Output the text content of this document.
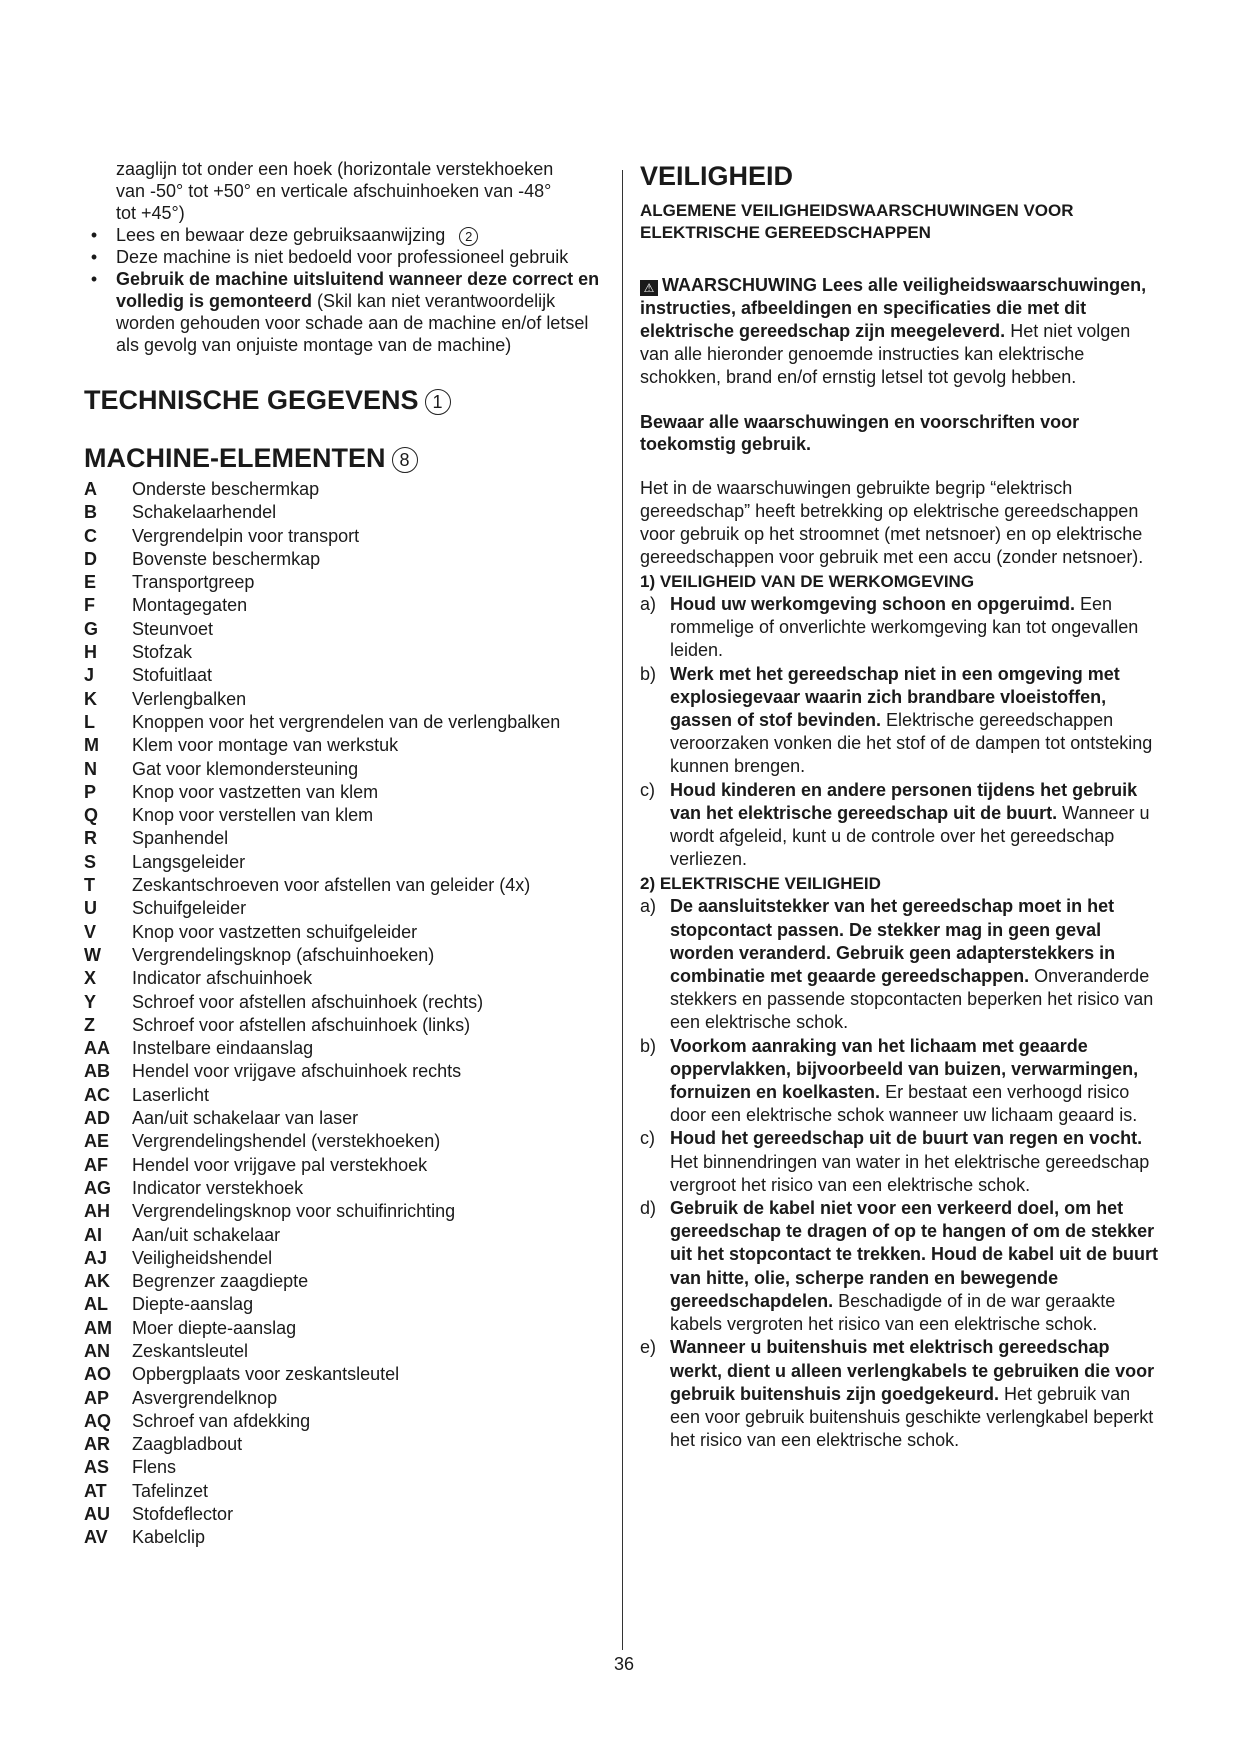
zaaglijn tot onder een hoek (horizontale verstekhoeken
van -50° tot +50° en verticale afschuinhoeken van -48°
tot +45°)

•	Lees en bewaar deze gebruiksaanwijzing 2

•	Deze machine is niet bedoeld voor professioneel gebruik

•	Gebruik de machine uitsluitend wanneer deze correct en volledig is gemonteerd (Skil kan niet verantwoordelijk worden gehouden voor schade aan de machine en/of letsel als gevolg van onjuiste montage van de machine)

TECHNISCHE GEGEVENS 1
MACHINE-ELEMENTEN 8
A	Onderste beschermkap
B	Schakelaarhendel
C	Vergrendelpin voor transport
D	Bovenste beschermkap
E	Transportgreep
F	Montagegaten
G	Steunvoet
H	Stofzak
J	Stofuitlaat
K	Verlengbalken
L	Knoppen voor het vergrendelen van de verlengbalken
M	Klem voor montage van werkstuk
N	Gat voor klemondersteuning
P	Knop voor vastzetten van klem
Q	Knop voor verstellen van klem
R	Spanhendel
S	Langsgeleider
T	Zeskantschroeven voor afstellen van geleider (4x)
U	Schuifgeleider
V	Knop voor vastzetten schuifgeleider
W	Vergrendelingsknop (afschuinhoeken)
X	Indicator afschuinhoek
Y	Schroef voor afstellen afschuinhoek (rechts)
Z	Schroef voor afstellen afschuinhoek (links)
AA	Instelbare eindaanslag
AB	Hendel voor vrijgave afschuinhoek rechts
AC	Laserlicht
AD	Aan/uit schakelaar van laser
AE	Vergrendelingshendel (verstekhoeken)
AF	Hendel voor vrijgave pal verstekhoek
AG	Indicator verstekhoek
AH	Vergrendelingsknop voor schuifinrichting
AI	Aan/uit schakelaar
AJ	Veiligheidshendel
AK	Begrenzer zaagdiepte
AL	Diepte-aanslag
AM	Moer diepte-aanslag
AN	Zeskantsleutel
AO	Opbergplaats voor zeskantsleutel
AP	Asvergrendelknop
AQ	Schroef van afdekking
AR	Zaagbladbout
AS	Flens
AT	Tafelinzet
AU	Stofdeflector
AV	Kabelclip
VEILIGHEID
ALGEMENE VEILIGHEIDSWAARSCHUWINGEN VOOR ELEKTRISCHE GEREEDSCHAPPEN
⚠ WAARSCHUWING Lees alle veiligheidswaarschuwingen, instructies, afbeeldingen en specificaties die met dit elektrische gereedschap zijn meegeleverd. Het niet volgen van alle hieronder genoemde instructies kan elektrische schokken, brand en/of ernstig letsel tot gevolg hebben.
Bewaar alle waarschuwingen en voorschriften voor toekomstig gebruik.
Het in de waarschuwingen gebruikte begrip “elektrisch gereedschap” heeft betrekking op elektrische gereedschappen voor gebruik op het stroomnet (met netsnoer) en op elektrische gereedschappen voor gebruik met een accu (zonder netsnoer).
1) VEILIGHEID VAN DE WERKOMGEVING
a) Houd uw werkomgeving schoon en opgeruimd. Een rommelige of onverlichte werkomgeving kan tot ongevallen leiden.
b) Werk met het gereedschap niet in een omgeving met explosiegevaar waarin zich brandbare vloeistoffen, gassen of stof bevinden. Elektrische gereedschappen veroorzaken vonken die het stof of de dampen tot ontsteking kunnen brengen.
c) Houd kinderen en andere personen tijdens het gebruik van het elektrische gereedschap uit de buurt. Wanneer u wordt afgeleid, kunt u de controle over het gereedschap verliezen.
2) ELEKTRISCHE VEILIGHEID
a) De aansluitstekker van het gereedschap moet in het stopcontact passen. De stekker mag in geen geval worden veranderd. Gebruik geen adapterstekkers in combinatie met geaarde gereedschappen. Onveranderde stekkers en passende stopcontacten beperken het risico van een elektrische schok.
b) Voorkom aanraking van het lichaam met geaarde oppervlakken, bijvoorbeeld van buizen, verwarmingen, fornuizen en koelkasten. Er bestaat een verhoogd risico door een elektrische schok wanneer uw lichaam geaard is.
c) Houd het gereedschap uit de buurt van regen en vocht. Het binnendringen van water in het elektrische gereedschap vergroot het risico van een elektrische schok.
d) Gebruik de kabel niet voor een verkeerd doel, om het gereedschap te dragen of op te hangen of om de stekker uit het stopcontact te trekken. Houd de kabel uit de buurt van hitte, olie, scherpe randen en bewegende gereedschapdelen. Beschadigde of in de war geraakte kabels vergroten het risico van een elektrische schok.
e) Wanneer u buitenshuis met elektrisch gereedschap werkt, dient u alleen verlengkabels te gebruiken die voor gebruik buitenshuis zijn goedgekeurd. Het gebruik van een voor gebruik buitenshuis geschikte verlengkabel beperkt het risico van een elektrische schok.
36
